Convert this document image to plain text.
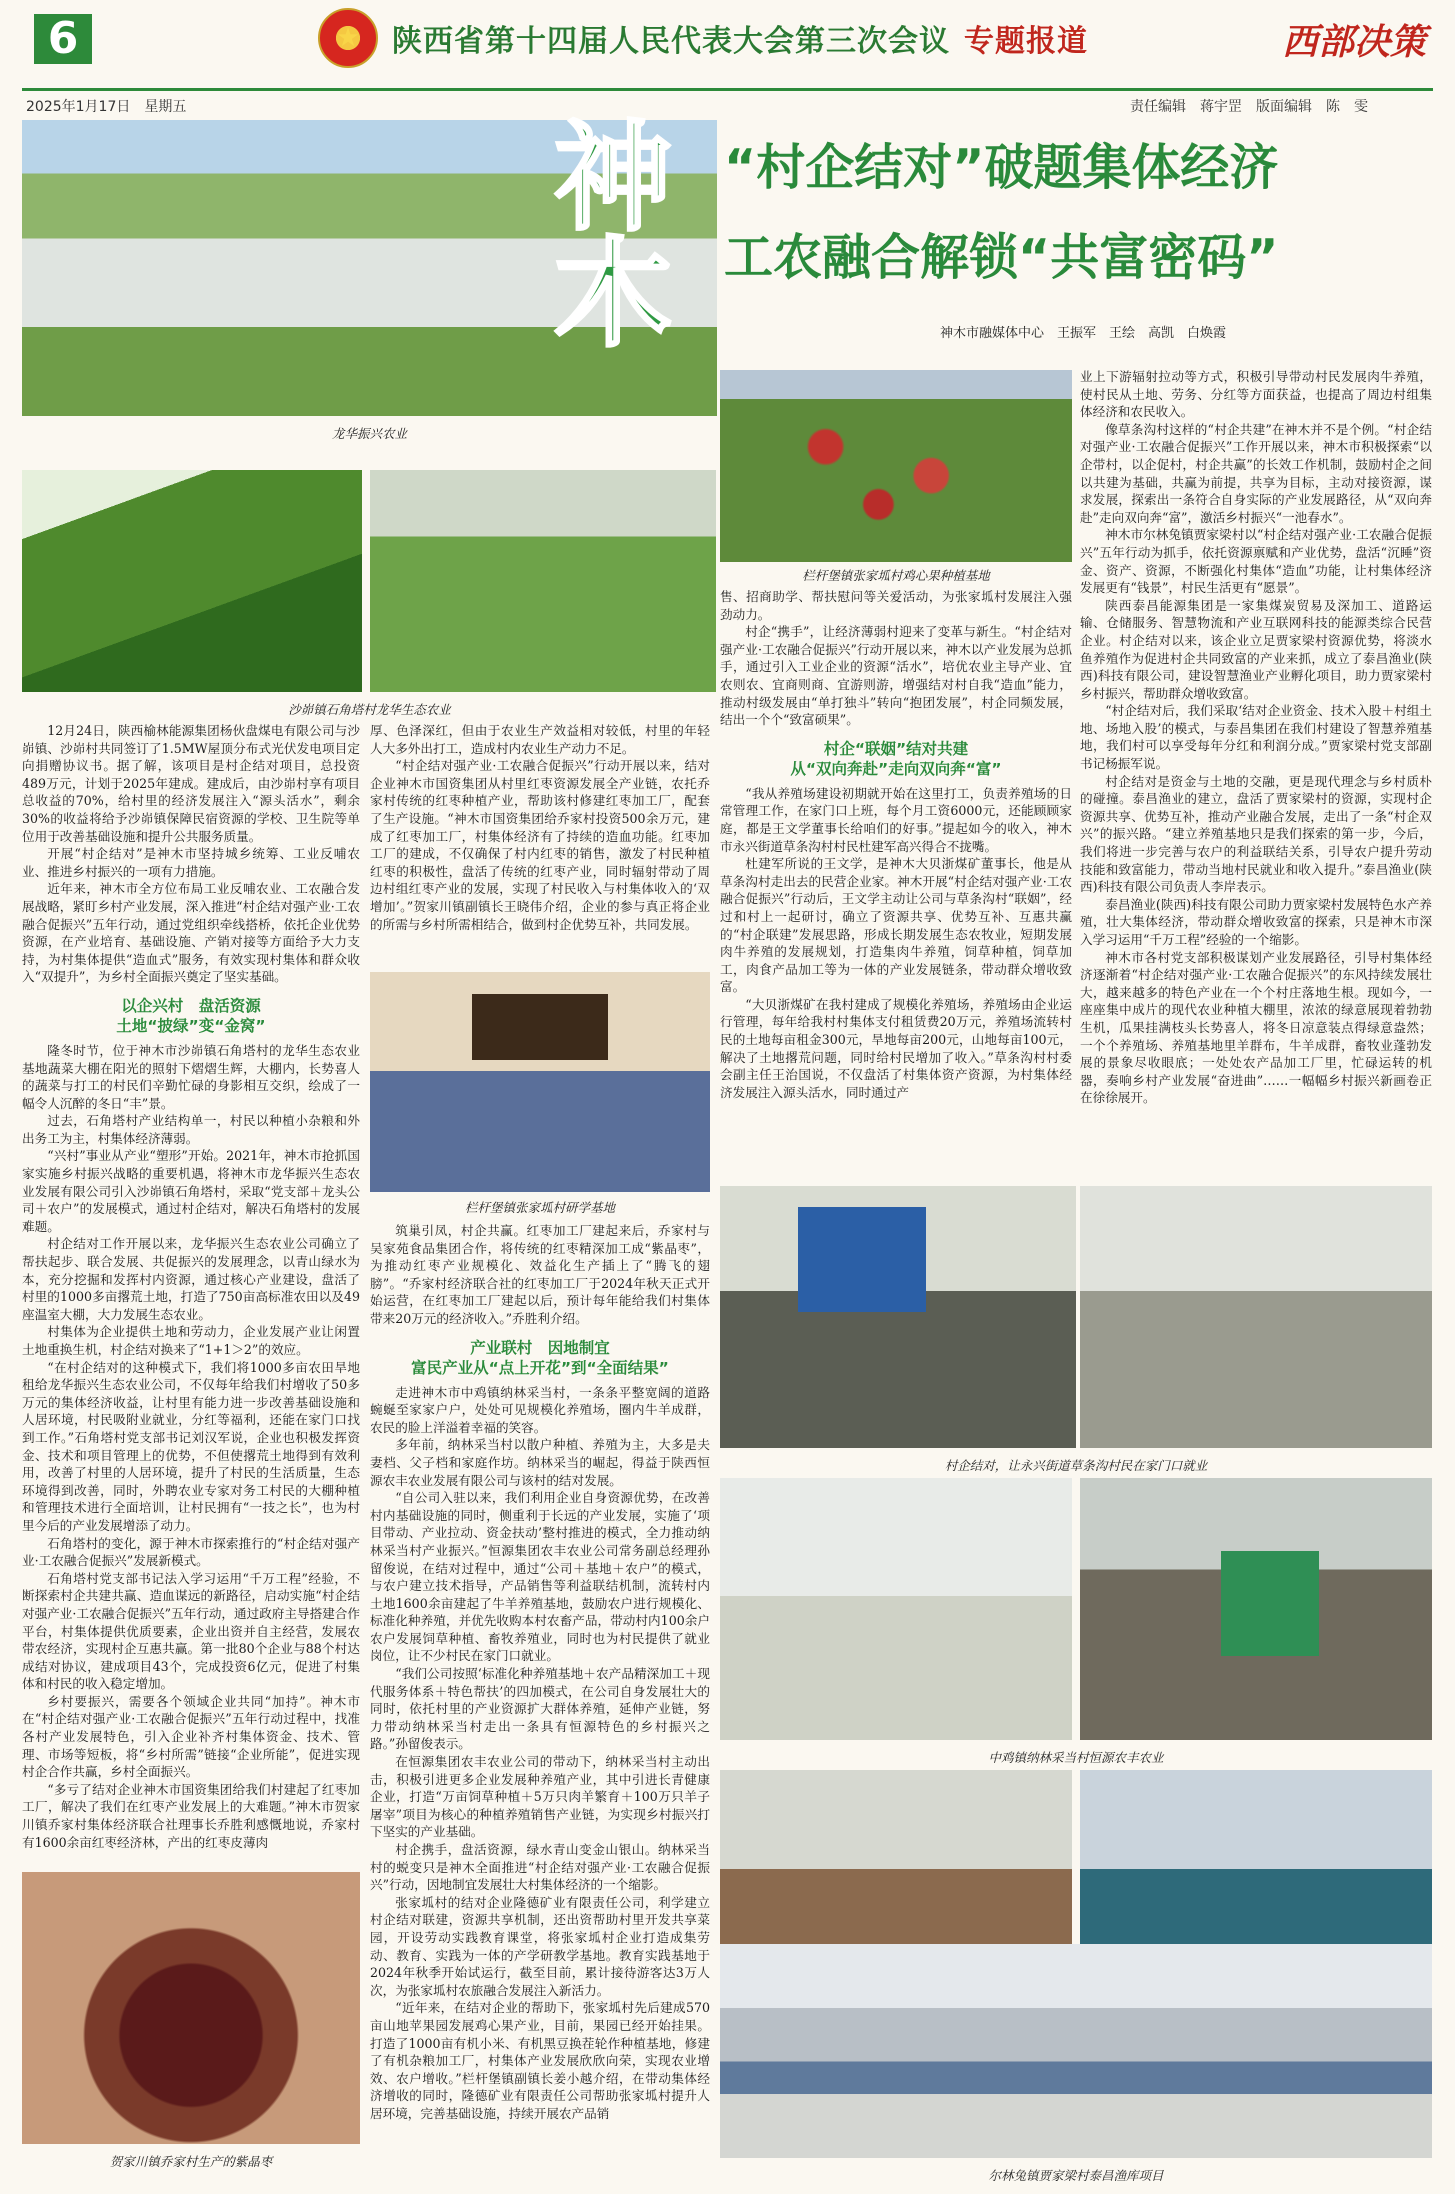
6	★	陕西省第十四届人民代表大会第三次会议 专题报道	西部决策
2025年1月17日　星期五	责任编辑　蒋宇罡　版面编辑　陈　雯
龙华振兴农业
神
木
“村企结对”破题集体经济
工农融合解锁“共富密码”
神木市融媒体中心　王振军　王绘　高凯　白焕霞
栏杆堡镇张家坬村鸡心果种植基地
沙峁镇石角塔村龙华生态农业

12月24日，陕西榆林能源集团杨伙盘煤电有限公司与沙峁镇、沙峁村共同签订了1.5MW屋顶分布式光伏发电项目定向捐赠协议书。据了解，该项目是村企结对项目，总投资489万元，计划于2025年建成。建成后，由沙峁村享有项目总收益的70%，给村里的经济发展注入“源头活水”，剩余30%的收益将给予沙峁镇保障民宿资源的学校、卫生院等单位用于改善基础设施和提升公共服务质量。

开展“村企结对”是神木市坚持城乡统筹、工业反哺农业、推进乡村振兴的一项有力措施。

近年来，神木市全方位布局工业反哺农业、工农融合发展战略，紧盯乡村产业发展，深入推进“村企结对强产业·工农融合促振兴”五年行动，通过党组织牵线搭桥，依托企业优势资源，在产业培育、基础设施、产销对接等方面给予大力支持，为村集体提供“造血式”服务，有效实现村集体和群众收入“双提升”，为乡村全面振兴奠定了坚实基础。

以企兴村　盘活资源
土地“披绿”变“金窝”

隆冬时节，位于神木市沙峁镇石角塔村的龙华生态农业基地蔬菜大棚在阳光的照射下熠熠生辉，大棚内，长势喜人的蔬菜与打工的村民们辛勤忙碌的身影相互交织，绘成了一幅令人沉醉的冬日“丰”景。

过去，石角塔村产业结构单一，村民以种植小杂粮和外出务工为主，村集体经济薄弱。

“兴村”事业从产业“塑形”开始。2021年，神木市抢抓国家实施乡村振兴战略的重要机遇，将神木市龙华振兴生态农业发展有限公司引入沙峁镇石角塔村，采取“党支部＋龙头公司＋农户”的发展模式，通过村企结对，解决石角塔村的发展难题。

村企结对工作开展以来，龙华振兴生态农业公司确立了帮扶起步、联合发展、共促振兴的发展理念，以青山绿水为本，充分挖掘和发挥村内资源，通过核心产业建设，盘活了村里的1000多亩撂荒土地，打造了750亩高标准农田以及49座温室大棚，大力发展生态农业。

村集体为企业提供土地和劳动力，企业发展产业让闲置土地重换生机，村企结对换来了“1+1＞2”的效应。

“在村企结对的这种模式下，我们将1000多亩农田旱地租给龙华振兴生态农业公司，不仅每年给我们村增收了50多万元的集体经济收益，让村里有能力进一步改善基础设施和人居环境，村民吸附业就业，分红等福利，还能在家门口找到工作。”石角塔村党支部书记刘汉军说，企业也积极发挥资金、技术和项目管理上的优势，不但使撂荒土地得到有效利用，改善了村里的人居环境，提升了村民的生活质量，生态环境得到改善，同时，外聘农业专家对务工村民的大棚种植和管理技术进行全面培训，让村民拥有“一技之长”，也为村里今后的产业发展增添了动力。

石角塔村的变化，源于神木市探索推行的“村企结对强产业·工农融合促振兴”发展新模式。

石角塔村党支部书记法入学习运用“千万工程”经验，不断探索村企共建共赢、造血谋远的新路径，启动实施“村企结对强产业·工农融合促振兴”五年行动，通过政府主导搭建合作平台，村集体提供优质要素，企业出资并自主经营，发展农带农经济，实现村企互惠共赢。第一批80个企业与88个村达成结对协议，建成项目43个，完成投资6亿元，促进了村集体和村民的收入稳定增加。

乡村要振兴，需要各个领域企业共同“加持”。神木市在“村企结对强产业·工农融合促振兴”五年行动过程中，找准各村产业发展特色，引入企业补齐村集体资金、技术、管理、市场等短板，将“乡村所需”链接“企业所能”，促进实现村企合作共赢，乡村全面振兴。

“多亏了结对企业神木市国资集团给我们村建起了红枣加工厂，解决了我们在红枣产业发展上的大难题。”神木市贺家川镇乔家村集体经济联合社理事长乔胜利感慨地说，乔家村有1600余亩红枣经济林，产出的红枣皮薄肉

贺家川镇乔家村生产的紫晶枣

厚、色泽深红，但由于农业生产效益相对较低，村里的年轻人大多外出打工，造成村内农业生产动力不足。

“村企结对强产业·工农融合促振兴”行动开展以来，结对企业神木市国资集团从村里红枣资源发展全产业链，农托乔家村传统的红枣种植产业，帮助该村修建红枣加工厂，配套了生产设施。“神木市国资集团给乔家村投资500余万元，建成了红枣加工厂，村集体经济有了持续的造血功能。红枣加工厂的建成，不仅确保了村内红枣的销售，激发了村民种植红枣的积极性，盘活了传统的红枣产业，同时辐射带动了周边村组红枣产业的发展，实现了村民收入与村集体收入的‘双增加’。”贺家川镇副镇长王晓伟介绍，企业的参与真正将企业的所需与乡村所需相结合，做到村企优势互补，共同发展。

栏杆堡镇张家坬村研学基地

筑巢引凤，村企共赢。红枣加工厂建起来后，乔家村与吴家苑食品集团合作，将传统的红枣精深加工成“紫晶枣”，为推动红枣产业规模化、效益化生产插上了“腾飞的翅膀”。“乔家村经济联合社的红枣加工厂于2024年秋天正式开始运营，在红枣加工厂建起以后，预计每年能给我们村集体带来20万元的经济收入。”乔胜利介绍。

产业联村　因地制宜
富民产业从“点上开花”到“全面结果”

走进神木市中鸡镇纳林采当村，一条条平整宽阔的道路蜿蜒至家家户户，处处可见规模化养殖场，圈内牛羊成群，农民的脸上洋溢着幸福的笑容。

多年前，纳林采当村以散户种植、养殖为主，大多是夫妻档、父子档和家庭作坊。纳林采当的崛起，得益于陕西恒源农丰农业发展有限公司与该村的结对发展。

“自公司入驻以来，我们利用企业自身资源优势，在改善村内基础设施的同时，侧重利于长远的产业发展，实施了‘项目带动、产业拉动、资金扶动’整村推进的模式，全力推动纳林采当村产业振兴。”恒源集团农丰农业公司常务副总经理孙留俊说，在结对过程中，通过“公司＋基地＋农户”的模式，与农户建立技术指导，产品销售等利益联结机制，流转村内土地1600余亩建起了牛羊养殖基地，鼓励农户进行规模化、标准化种养殖，并优先收购本村农畜产品，带动村内100余户农户发展饲草种植、畜牧养殖业，同时也为村民提供了就业岗位，让不少村民在家门口就业。

“我们公司按照‘标准化种养殖基地＋农产品精深加工＋现代服务体系＋特色帮扶’的四加模式，在公司自身发展壮大的同时，依托村里的产业资源扩大群体养殖，延伸产业链，努力带动纳林采当村走出一条具有恒源特色的乡村振兴之路。”孙留俊表示。

在恒源集团农丰农业公司的带动下，纳林采当村主动出击，积极引进更多企业发展种养殖产业，其中引进长青健康企业，打造“万亩饲草种植＋5万只肉羊繁育＋100万只羊子屠宰”项目为核心的种植养殖销售产业链，为实现乡村振兴打下坚实的产业基础。

村企携手，盘活资源，绿水青山变金山银山。纳林采当村的蜕变只是神木全面推进“村企结对强产业·工农融合促振兴”行动，因地制宜发展壮大村集体经济的一个缩影。

张家坬村的结对企业隆德矿业有限责任公司，利学建立村企结对联建，资源共享机制，还出资帮助村里开发共享菜园，开设劳动实践教育课堂，将张家坬村企业打造成集劳动、教育、实践为一体的产学研教学基地。教育实践基地于2024年秋季开始试运行，截至目前，累计接待游客达3万人次，为张家坬村农旅融合发展注入新活力。

“近年来，在结对企业的帮助下，张家坬村先后建成570亩山地苹果园发展鸡心果产业，目前，果园已经开始挂果。打造了1000亩有机小米、有机黑豆换茬轮作种植基地，修建了有机杂粮加工厂，村集体产业发展欣欣向荣，实现农业增效、农户增收。”栏杆堡镇副镇长姜小越介绍，在带动集体经济增收的同时，隆德矿业有限责任公司帮助张家坬村提升人居环境，完善基础设施，持续开展农产品销

售、招商助学、帮扶慰问等关爱活动，为张家坬村发展注入强劲动力。

村企“携手”，让经济薄弱村迎来了变革与新生。“村企结对强产业·工农融合促振兴”行动开展以来，神木以产业发展为总抓手，通过引入工业企业的资源“活水”，培优农业主导产业、宜农则农、宜商则商、宜游则游，增强结对村自我“造血”能力，推动村级发展由“单打独斗”转向“抱团发展”，村企同频发展，结出一个个“致富硕果”。

村企“联姻”结对共建
从“双向奔赴”走向双向奔“富”

“我从养殖场建设初期就开始在这里打工，负责养殖场的日常管理工作，在家门口上班，每个月工资6000元，还能顾顾家庭，都是王文学董事长给咱们的好事。”提起如今的收入，神木市永兴街道草条沟村村民杜建军高兴得合不拢嘴。

杜建军所说的王文学，是神木大贝浙煤矿董事长，他是从草条沟村走出去的民营企业家。神木开展“村企结对强产业·工农融合促振兴”行动后，王文学主动让公司与草条沟村“联姻”，经过和村上一起研讨，确立了资源共享、优势互补、互惠共赢的“村企联建”发展思路，形成长期发展生态农牧业，短期发展肉牛养殖的发展规划，打造集肉牛养殖，饲草种植，饲草加工，肉食产品加工等为一体的产业发展链条，带动群众增收致富。

“大贝浙煤矿在我村建成了规模化养殖场，养殖场由企业运行管理，每年给我村村集体支付租赁费20万元，养殖场流转村民的土地每亩租金300元，旱地每亩200元，山地每亩100元，解决了土地撂荒问题，同时给村民增加了收入。”草条沟村村委会副主任王治国说，不仅盘活了村集体资产资源，为村集体经济发展注入源头活水，同时通过产

业上下游辐射拉动等方式，积极引导带动村民发展肉牛养殖，使村民从土地、劳务、分红等方面获益，也提高了周边村组集体经济和农民收入。

像草条沟村这样的“村企共建”在神木并不是个例。“村企结对强产业·工农融合促振兴”工作开展以来，神木市积极探索“以企带村，以企促村，村企共赢”的长效工作机制，鼓励村企之间以共建为基础，共赢为前提，共享为目标，主动对接资源，谋求发展，探索出一条符合自身实际的产业发展路径，从“双向奔赴”走向双向奔“富”，激活乡村振兴“一池春水”。

神木市尔林兔镇贾家梁村以“村企结对强产业·工农融合促振兴”五年行动为抓手，依托资源禀赋和产业优势，盘活“沉睡”资金、资产、资源，不断强化村集体“造血”功能，让村集体经济发展更有“钱景”，村民生活更有“愿景”。

陕西泰昌能源集团是一家集煤炭贸易及深加工、道路运输、仓储服务、智慧物流和产业互联网科技的能源类综合民营企业。村企结对以来，该企业立足贾家梁村资源优势，将淡水鱼养殖作为促进村企共同致富的产业来抓，成立了泰昌渔业(陕西)科技有限公司，建设智慧渔业产业孵化项目，助力贾家梁村乡村振兴，帮助群众增收致富。

“村企结对后，我们采取‘结对企业资金、技术入股＋村组土地、场地入股’的模式，与泰昌集团在我们村建设了智慧养殖基地，我们村可以享受每年分红和利润分成。”贾家梁村党支部副书记杨振军说。

村企结对是资金与土地的交融，更是现代理念与乡村质朴的碰撞。泰昌渔业的建立，盘活了贾家梁村的资源，实现村企资源共享、优势互补，推动产业融合发展，走出了一条“村企双兴”的振兴路。“建立养殖基地只是我们探索的第一步，今后，我们将进一步完善与农户的利益联结关系，引导农户提升劳动技能和致富能力，带动当地村民就业和收入提升。”泰昌渔业(陕西)科技有限公司负责人李岸表示。

泰昌渔业(陕西)科技有限公司助力贾家梁村发展特色水产养殖，壮大集体经济，带动群众增收致富的探索，只是神木市深入学习运用“千万工程”经验的一个缩影。

神木市各村党支部积极谋划产业发展路径，引导村集体经济逐渐着“村企结对强产业·工农融合促振兴”的东风持续发展壮大，越来越多的特色产业在一个个村庄落地生根。现如今，一座座集中成片的现代农业种植大棚里，浓浓的绿意展现着勃勃生机，瓜果挂满枝头长势喜人，将冬日凉意装点得绿意盎然；一个个养殖场、养殖基地里羊群布，牛羊成群，畜牧业蓬勃发展的景象尽收眼底；一处处农产品加工厂里，忙碌运转的机器，奏响乡村产业发展“奋进曲”……一幅幅乡村振兴新画卷正在徐徐展开。

村企结对，让永兴街道草条沟村民在家门口就业
中鸡镇纳林采当村恒源农丰农业
尔林兔镇贾家梁村泰昌渔库项目
